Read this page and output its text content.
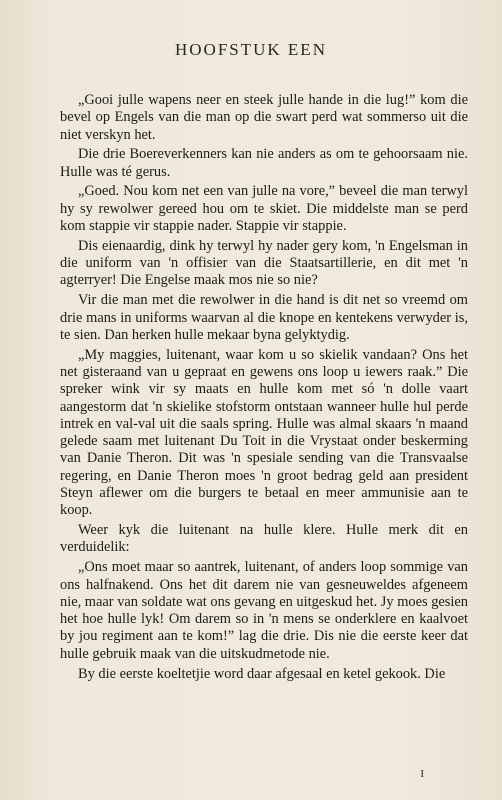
HOOFSTUK EEN

„Gooi julle wapens neer en steek julle hande in die lug!” kom die bevel op Engels van die man op die swart perd wat sommerso uit die niet verskyn het.

Die drie Boereverkenners kan nie anders as om te gehoorsaam nie. Hulle was té gerus.

„Goed. Nou kom net een van julle na vore,” beveel die man terwyl hy sy rewolwer gereed hou om te skiet. Die middelste man se perd kom stappie vir stappie nader. Stappie vir stappie.

Dis eienaardig, dink hy terwyl hy nader gery kom, 'n Engelsman in die uniform van 'n offisier van die Staatsartillerie, en dit met 'n agterryer! Die Engelse maak mos nie so nie?

Vir die man met die rewolwer in die hand is dit net so vreemd om drie mans in uniforms waarvan al die knope en kentekens verwyder is, te sien. Dan herken hulle mekaar byna gelyktydig.

„My maggies, luitenant, waar kom u so skielik vandaan? Ons het net gisteraand van u gepraat en gewens ons loop u iewers raak.” Die spreker wink vir sy maats en hulle kom met só 'n dolle vaart aangestorm dat 'n skielike stofstorm ontstaan wanneer hulle hul perde intrek en val-val uit die saals spring. Hulle was almal skaars 'n maand gelede saam met luitenant Du Toit in die Vrystaat onder beskerming van Danie Theron. Dit was 'n spesiale sending van die Transvaalse regering, en Danie Theron moes 'n groot bedrag geld aan president Steyn aflewer om die burgers te betaal en meer ammunisie aan te koop.

Weer kyk die luitenant na hulle klere. Hulle merk dit en verduidelik:

„Ons moet maar so aantrek, luitenant, of anders loop sommige van ons halfnakend. Ons het dit darem nie van gesneuweldes afgeneem nie, maar van soldate wat ons gevang en uitgeskud het. Jy moes gesien het hoe hulle lyk! Om darem so in 'n mens se onderklere en kaalvoet by jou regiment aan te kom!” lag die drie. Dis nie die eerste keer dat hulle gebruik maak van die uitskudmetode nie.

By die eerste koeltetjie word daar afgesaal en ketel gekook. Die

I
